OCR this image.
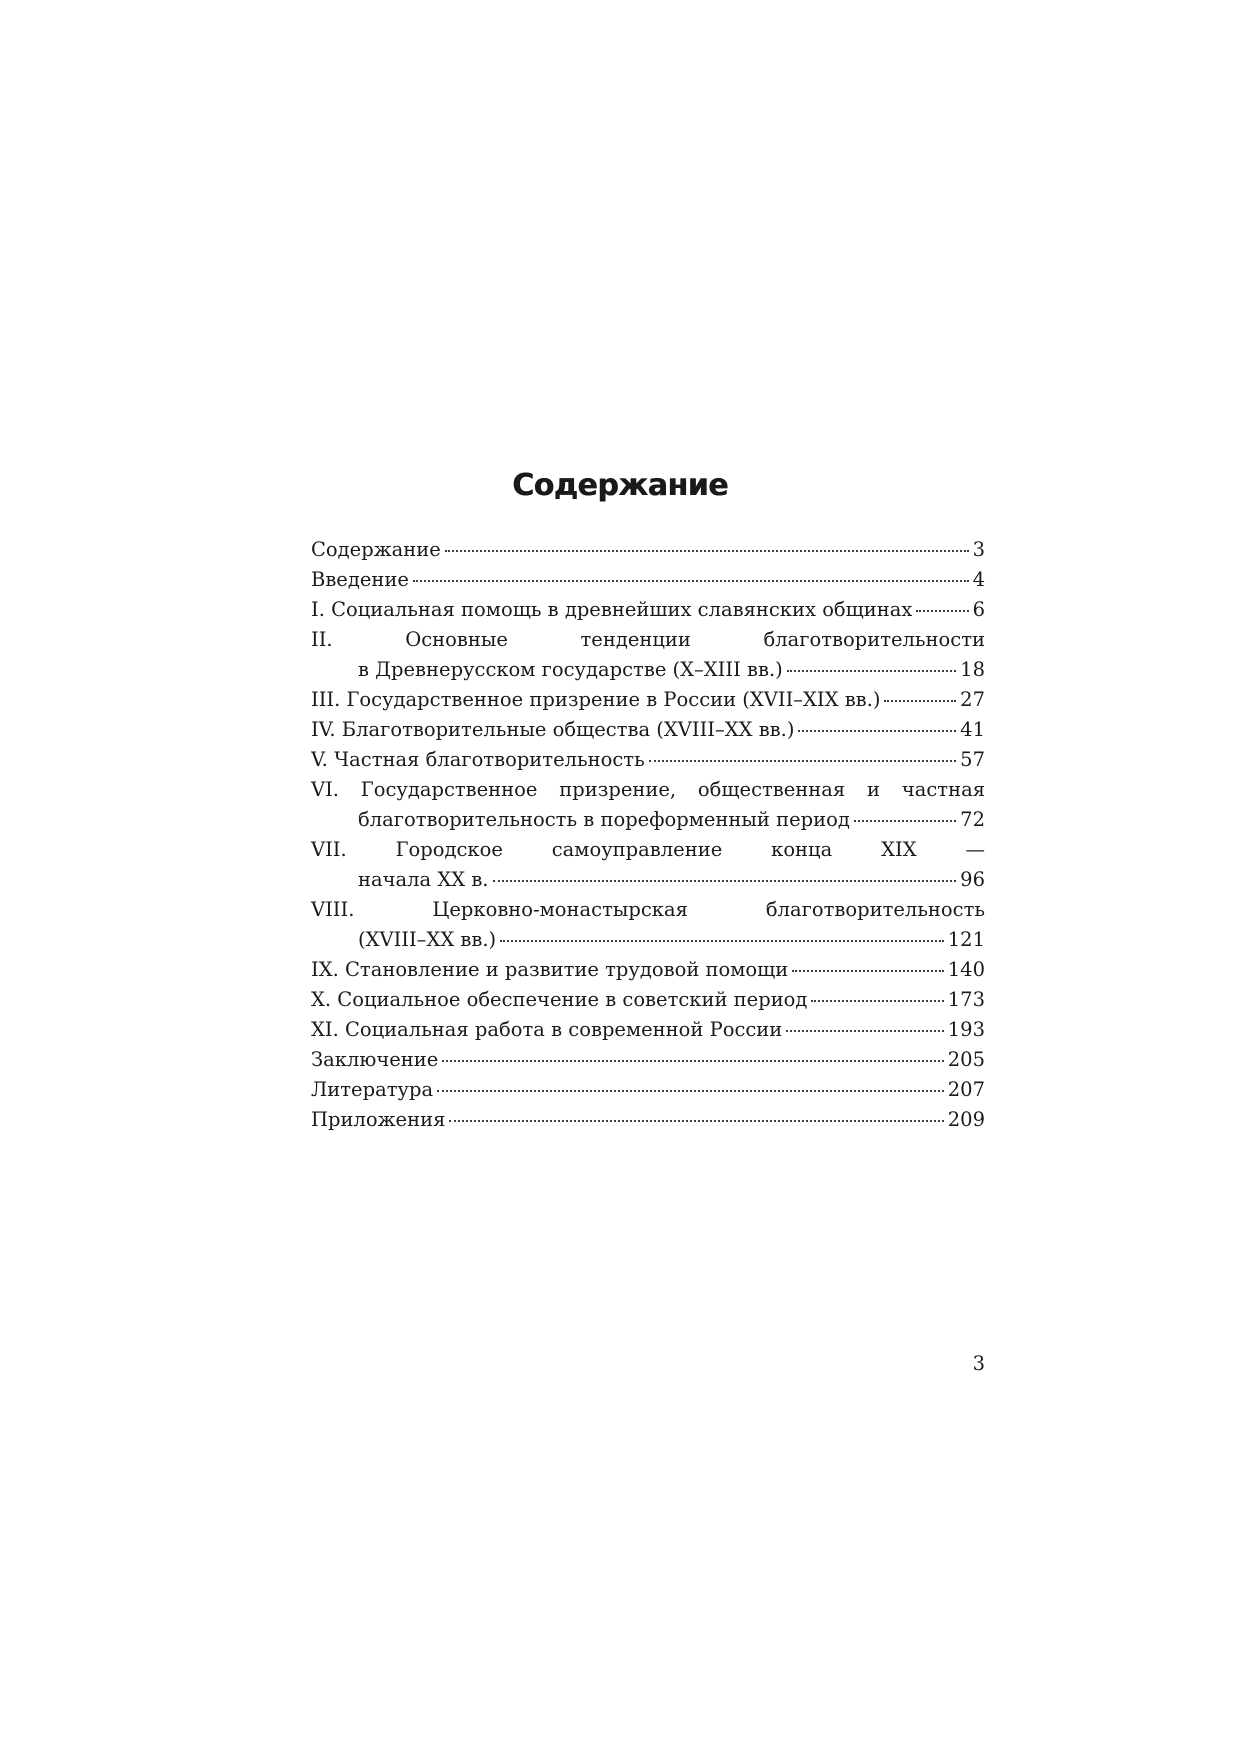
Содержание
Содержание	3
Введение	4
I. Социальная помощь в древнейших славянских общинах	6
II. Основные тенденции благотворительности
в Древнерусском государстве (X–XIII вв.)	18
III. Государственное призрение в России (XVII–XIX вв.)	27
IV. Благотворительные общества (XVIII–XX вв.)	41
V. Частная благотворительность	57
VI. Государственное призрение, общественная и частная
благотворительность в пореформенный период	72
VII. Городское самоуправление конца XIX —
начала XX в.	96
VIII. Церковно-монастырская благотворительность
(XVIII–XX вв.)	121
IX. Становление и развитие трудовой помощи	140
X. Социальное обеспечение в советский период	173
XI. Социальная работа в современной России	193
Заключение	205
Литература	207
Приложения	209
3
